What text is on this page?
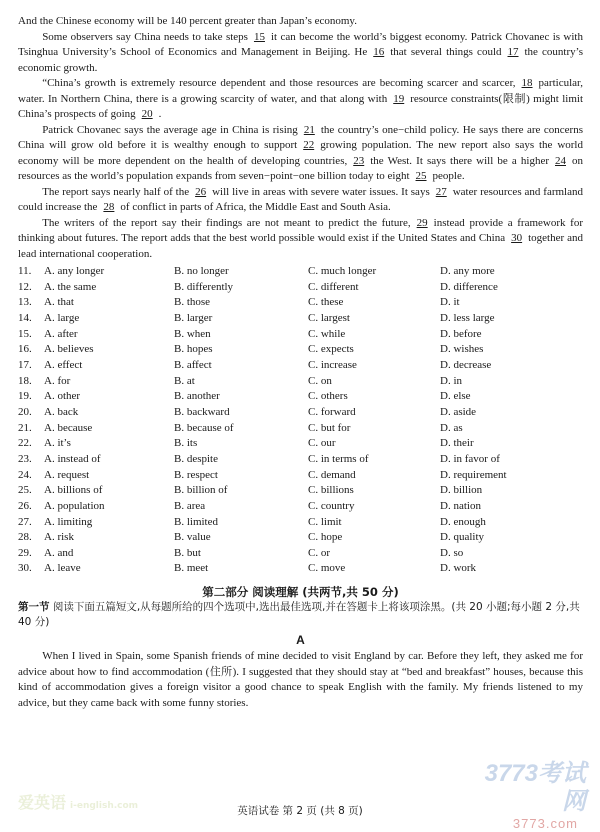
And the Chinese economy will be 140 percent greater than Japan’s economy.

Some observers say China needs to take steps 15 it can become the world’s biggest economy. Patrick Chovanec is with Tsinghua University’s School of Economics and Management in Beijing. He 16 that several things could 17 the country’s economic growth.

“China’s growth is extremely resource dependent and those resources are becoming scarcer and scarcer, 18 particular, water. In Northern China, there is a growing scarcity of water, and that along with 19 resource constraints(限制) might limit China’s prospects of going 20 .

Patrick Chovanec says the average age in China is rising 21 the country’s one−child policy. He says there are concerns China will grow old before it is wealthy enough to support 22 growing population. The new report also says the world economy will be more dependent on the health of developing countries, 23 the West. It says there will be a higher 24 on resources as the world’s population expands from seven−point−one billion today to eight 25 people.

The report says nearly half of the 26 will live in areas with severe water issues. It says 27 water resources and farmland could increase the 28 of conflict in parts of Africa, the Middle East and South Asia.

The writers of the report say their findings are not meant to predict the future, 29 instead provide a framework for thinking about futures. The report adds that the best world possible would exist if the United States and China 30 together and lead international cooperation.

11.	A. any longer	B. no longer	C. much longer	D. any more
12.	A. the same	B. differently	C. different	D. difference
13.	A. that	B. those	C. these	D. it
14.	A. large	B. larger	C. largest	D. less large
15.	A. after	B. when	C. while	D. before
16.	A. believes	B. hopes	C. expects	D. wishes
17.	A. effect	B. affect	C. increase	D. decrease
18.	A. for	B. at	C. on	D. in
19.	A. other	B. another	C. others	D. else
20.	A. back	B. backward	C. forward	D. aside
21.	A. because	B. because of	C. but for	D. as
22.	A. it’s	B. its	C. our	D. their
23.	A. instead of	B. despite	C. in terms of	D. in favor of
24.	A. request	B. respect	C. demand	D. requirement
25.	A. billions of	B. billion of	C. billions	D. billion
26.	A. population	B. area	C. country	D. nation
27.	A. limiting	B. limited	C. limit	D. enough
28.	A. risk	B. value	C. hope	D. quality
29.	A. and	B. but	C. or	D. so
30.	A. leave	B. meet	C. move	D. work
第二部分 阅读理解 (共两节,共 50 分)
第一节 阅读下面五篇短文,从每题所给的四个选项中,选出最佳选项,并在答题卡上将该项涂黑。(共 20 小题;每小题 2 分,共 40 分)
A

When I lived in Spain, some Spanish friends of mine decided to visit England by car. Before they left, they asked me for advice about how to find accommodation (住所). I suggested that they should stay at “bed and breakfast” houses, because this kind of accommodation gives a foreign visitor a good chance to speak English with the family. My friends listened to my advice, but they came back with some funny stories.

爱英语 i-english.com
3773考试网
3773.com
英语试卷 第 2 页 (共 8 页)
